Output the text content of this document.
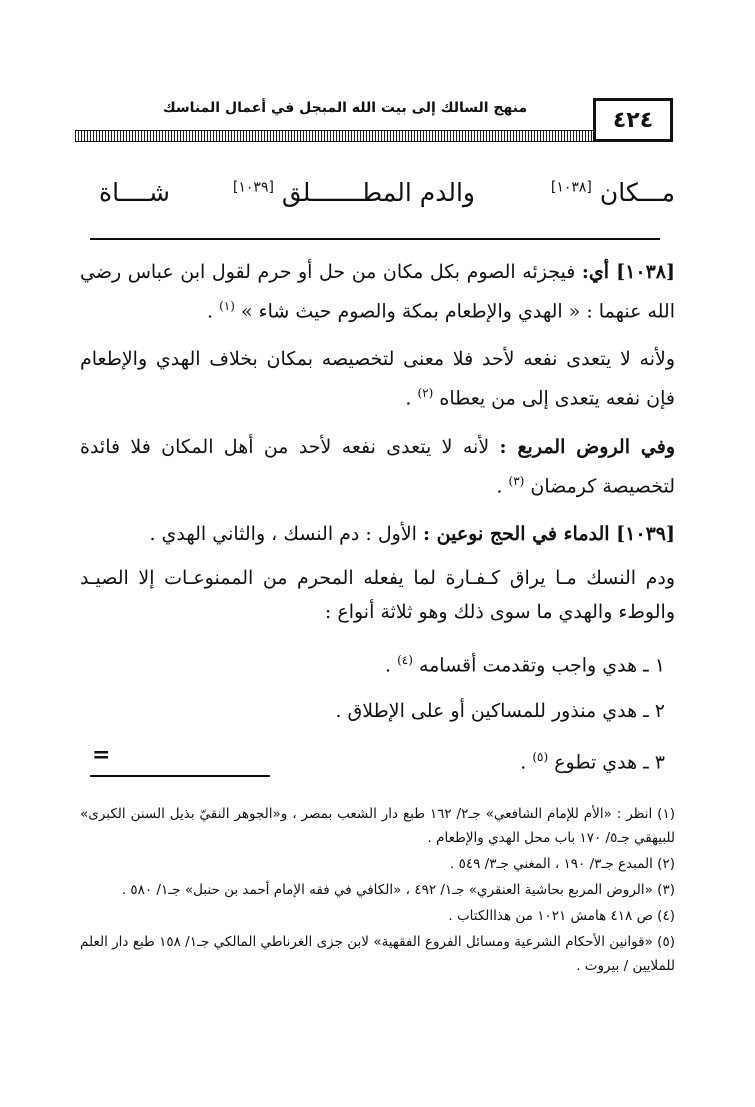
٤٢٤
منهج السالك إلى بيت الله المبجل في أعمال المناسك
مـــكان [١٠٣٨]
والدم المطـــــــلق [١٠٣٩]
شــــاة

[١٠٣٨] أي: فيجزئه الصوم بكل مكان من حل أو حرم لقول ابن عباس رضي الله عنهما : « الهدي والإطعام بمكة والصوم حيث شاء » $^{(١)}$ .

ولأنه لا يتعدى نفعه لأحد فلا معنى لتخصيصه بمكان بخلاف الهدي والإطعام فإن نفعه يتعدى إلى من يعطاه $^{(٢)}$ .

وفي الروض المربع : لأنه لا يتعدى نفعه لأحد من أهل المكان فلا فائدة لتخصيصة كرمضان $^{(٣)}$ .

[١٠٣٩] الدماء في الحج نوعين : الأول : دم النسك ، والثاني الهدي .

ودم النسك مـا يراق كـفـارة لما يفعله المحرم من الممنوعـات إلا الصيـد والوطء والهدي ما سوى ذلك وهو ثلاثة أنواع :

١ ـ هدي واجب وتقدمت أقسامه $^{(٤)}$ .

٢ ـ هدي منذور للمساكين أو على الإطلاق .

٣ ـ هدي تطوع $^{(٥)}$ .

=

(١) انظر : «الأم للإمام الشافعي» جـ٢/ ١٦٢ طبع دار الشعب بمصر ، و«الجوهر النقيّ بذيل السنن الكبرى» للبيهقي جـ٥/ ١٧٠ باب محل الهدي والإطعام .

(٢) المبدع جـ٣/ ١٩٠ ، المغني جـ٣/ ٥٤٩ .

(٣) «الروض المربع بحاشية العنقري» جـ١/ ٤٩٢ ، «الكافي في فقه الإمام أحمد بن حنبل» جـ١/ ٥٨٠ .

(٤) ص ٤١٨ هامش ١٠٢١ من هذاالكتاب .

(٥) «قوانين الأحكام الشرعية ومسائل الفروع الفقهية» لابن جزى الغرناطي المالكي جـ١/ ١٥٨ طبع دار العلم للملايين / بيروت .
